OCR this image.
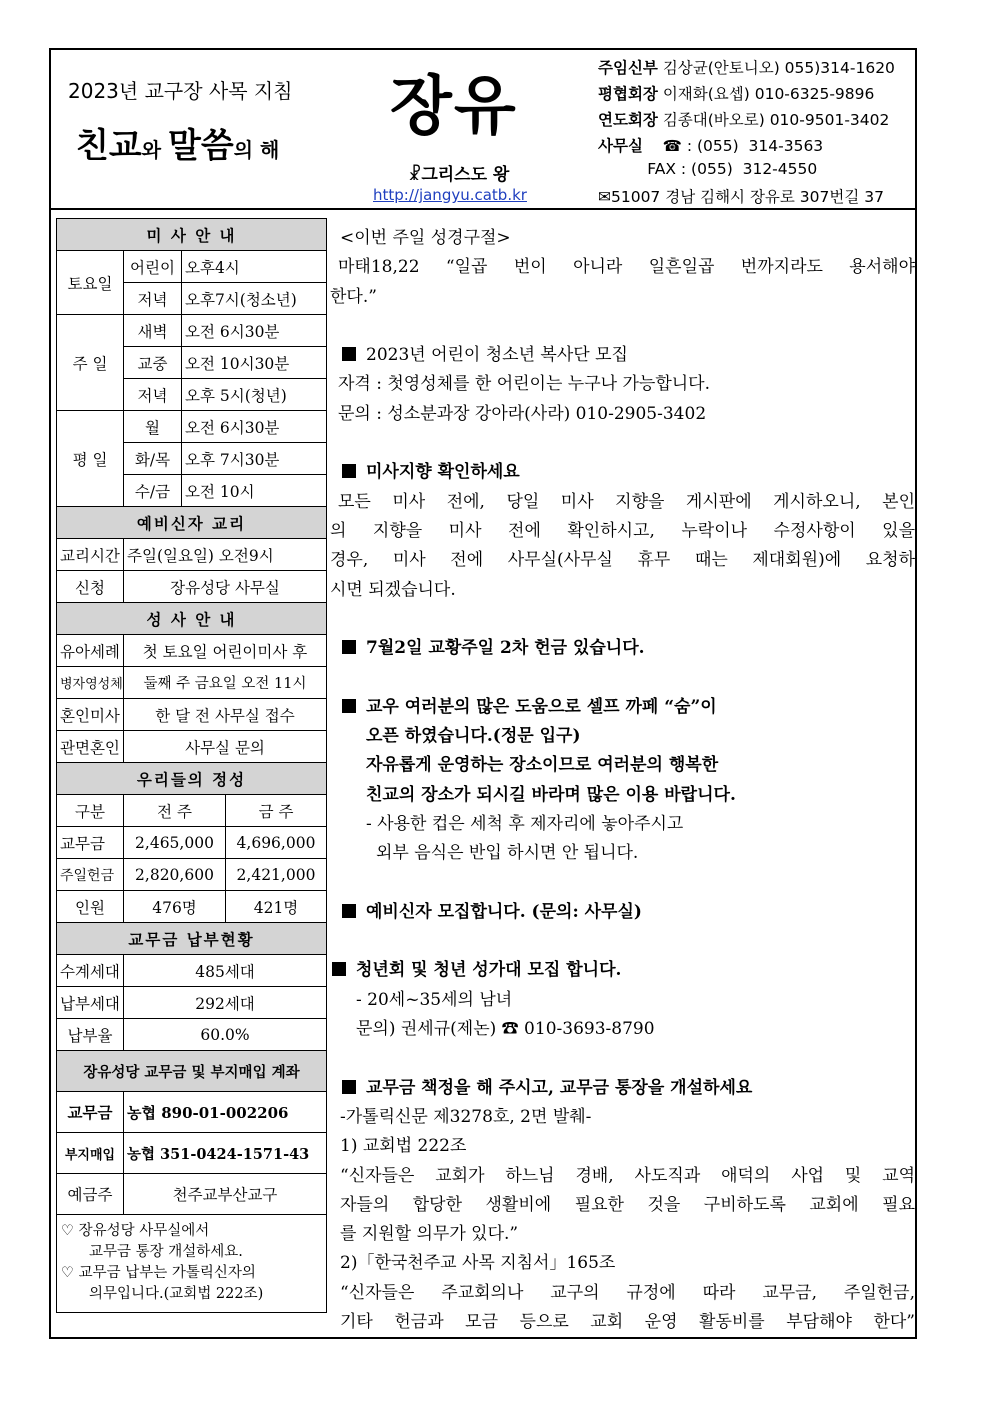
2023년 교구장 사목 지침
친교와 말씀의 해
장유
☧그리스도 왕
http://jangyu.catb.kr
주임신부 김상균(안토니오) 055)314-1620
평협회장 이재화(요셉) 010-6325-9896
연도회장 김종대(바오로) 010-9501-3402
사무실    ☎ : (055)  314-3563
FAX : (055)  312-4550
✉51007 경남 김해시 장유로 307번길 37
미 사 안 내			
토요일	어린이	오후4시	
	저녁	오후7시(청소년)	
주 일	새벽	오전 6시30분	
	교중	오전 10시30분	
	저녁	오후 5시(청년)	
평 일	월	오전 6시30분	
	화/목	오후 7시30분	
	수/금	오전 10시	
예비신자 교리			
교리시간	주일(일요일) 오전9시		
신청	장유성당 사무실		
성 사 안 내			
유아세례	첫 토요일 어린이미사 후		
병자영성체	둘째 주 금요일 오전 11시		
혼인미사	한 달 전 사무실 접수		
관면혼인	사무실 문의		
우리들의 정성			
구분	전 주		금 주
교무금	2,465,000		4,696,000
주일헌금	2,820,600		2,421,000
인원	476명		421명
교무금 납부현황			
수계세대	485세대		
납부세대	292세대		
납부율	60.0%		
장유성당 교무금 및 부지매입 계좌			
교무금	농협 890-01-002206		
부지매입	농협 351-0424-1571-43		
예금주	천주교부산교구		

♡ 장유성당 사무실에서
교무금 통장 개설하세요.
♡ 교무금 납부는 가톨릭신자의
의무입니다.(교회법 222조)			
<이번 주일 성경구절>
마태18,22 “일곱 번이 아니라 일흔일곱 번까지라도 용서해야
한다.”
2023년 어린이 청소년 복사단 모집
자격 : 첫영성체를 한 어린이는 누구나 가능합니다.
문의 : 성소분과장 강아라(사라) 010-2905-3402
미사지향 확인하세요
모든 미사 전에, 당일 미사 지향을 게시판에 게시하오니, 본인
의 지향을 미사 전에 확인하시고, 누락이나 수정사항이 있을
경우, 미사 전에 사무실(사무실 휴무 때는 제대회원)에 요청하
시면 되겠습니다.
7월2일 교황주일 2차 헌금 있습니다.
교우 여러분의 많은 도움으로 셀프 까페 “숨”이
오픈 하였습니다.(정문 입구)
자유롭게 운영하는 장소이므로 여러분의 행복한
친교의 장소가 되시길 바라며 많은 이용 바랍니다.
- 사용한 컵은 세척 후 제자리에 놓아주시고
외부 음식은 반입 하시면 안 됩니다.
예비신자 모집합니다. (문의: 사무실)
청년회 및 청년 성가대 모집 합니다.
- 20세~35세의 남녀
문의) 권세규(제논) ☎ 010-3693-8790
교무금 책정을 해 주시고, 교무금 통장을 개설하세요
-가톨릭신문 제3278호, 2면 발췌-
1) 교회법 222조
“신자들은 교회가 하느님 경배, 사도직과 애덕의 사업 및 교역
자들의 합당한 생활비에 필요한 것을 구비하도록 교회에 필요
를 지원할 의무가 있다.”
2)「한국천주교 사목 지침서」165조
“신자들은 주교회의나 교구의 규정에 따라 교무금, 주일헌금,
기타 헌금과 모금 등으로 교회 운영 활동비를 부담해야 한다”
